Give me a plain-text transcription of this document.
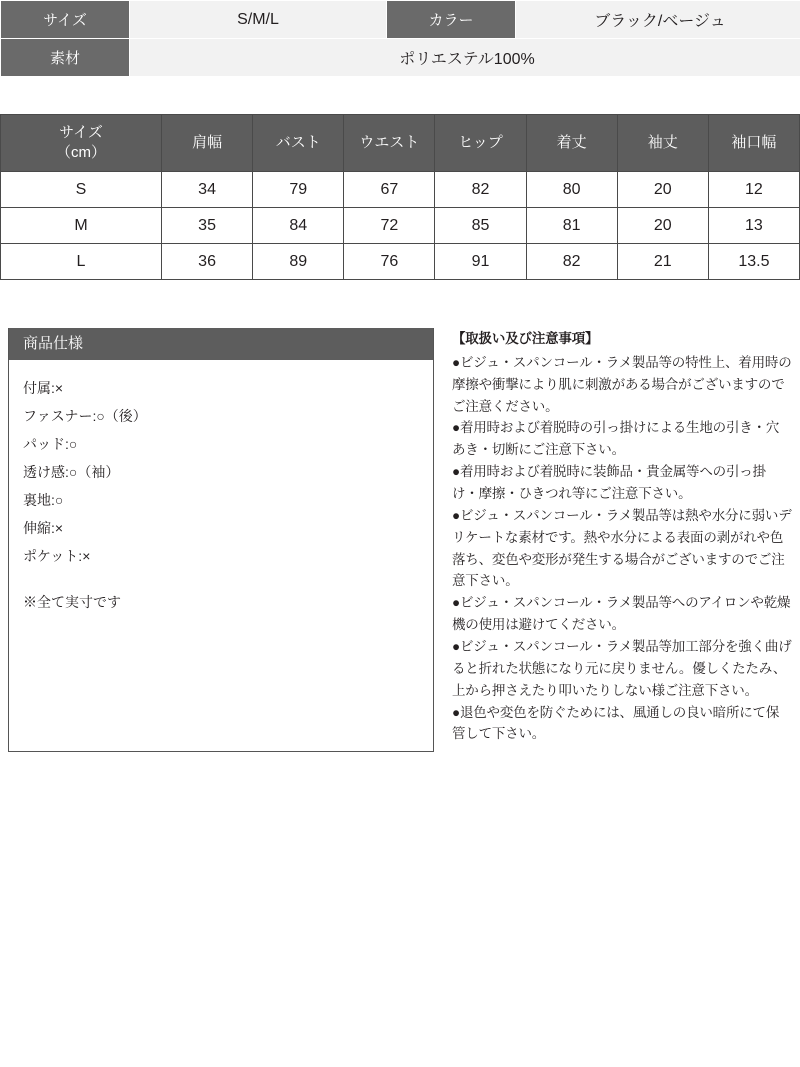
サイズ	S/M/L	カラー	ブラック/ベージュ
素材	ポリエステル100%		
サイズ
（cm）	肩幅	バスト	ウエスト	ヒップ	着丈	袖丈	袖口幅
S	34	79	67	82	80	20	12
M	35	84	72	85	81	20	13
L	36	89	76	91	82	21	13.5
商品仕様
付属:×
ファスナー:○（後）
パッド:○
透け感:○（袖）
裏地:○
伸縮:×
ポケット:×
※全て実寸です
【取扱い及び注意事項】

●ビジュ・スパンコール・ラメ製品等の特性上、着用時の摩擦や衝撃により肌に刺激がある場合がございますのでご注意ください。

●着用時および着脱時の引っ掛けによる生地の引き・穴あき・切断にご注意下さい。

●着用時および着脱時に装飾品・貴金属等への引っ掛け・摩擦・ひきつれ等にご注意下さい。

●ビジュ・スパンコール・ラメ製品等は熱や水分に弱いデリケートな素材です。熱や水分による表面の剥がれや色落ち、変色や変形が発生する場合がございますのでご注意下さい。

●ビジュ・スパンコール・ラメ製品等へのアイロンや乾燥機の使用は避けてください。

●ビジュ・スパンコール・ラメ製品等加工部分を強く曲げると折れた状態になり元に戻りません。優しくたたみ、上から押さえたり叩いたりしない様ご注意下さい。

●退色や変色を防ぐためには、風通しの良い暗所にて保管して下さい。
